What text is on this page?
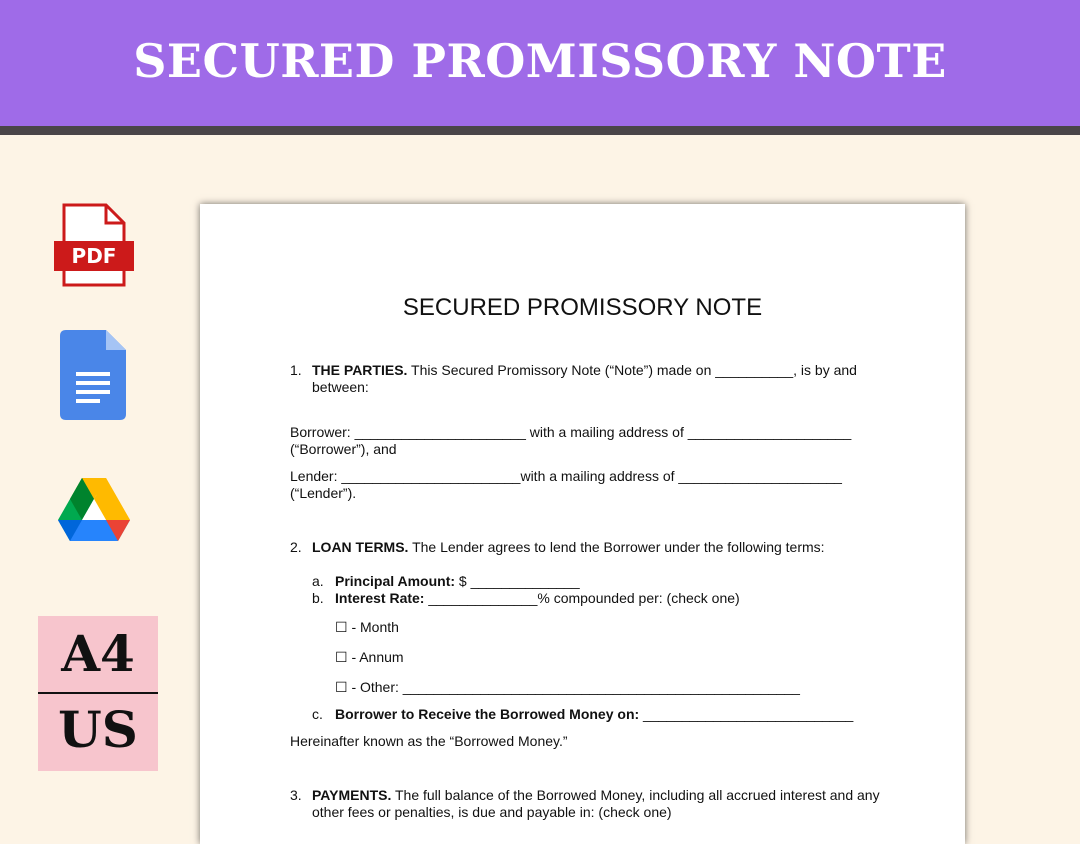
SECURED PROMISSORY NOTE
PDF
A4
US
SECURED PROMISSORY NOTE
1. THE PARTIES. This Secured Promissory Note (“Note”) made on __________, is by and
between:
Borrower: ______________________ with a mailing address of _____________________
(“Borrower”), and
Lender: _______________________with a mailing address of _____________________
(“Lender”).
2. LOAN TERMS. The Lender agrees to lend the Borrower under the following terms:
a. Principal Amount: $ ______________
b. Interest Rate: ______________% compounded per: (check one)
☐ - Month
☐ - Annum
☐ - Other: ___________________________________________________
c. Borrower to Receive the Borrowed Money on: ___________________________
Hereinafter known as the “Borrowed Money.”
3. PAYMENTS. The full balance of the Borrowed Money, including all accrued interest and any
other fees or penalties, is due and payable in: (check one)
